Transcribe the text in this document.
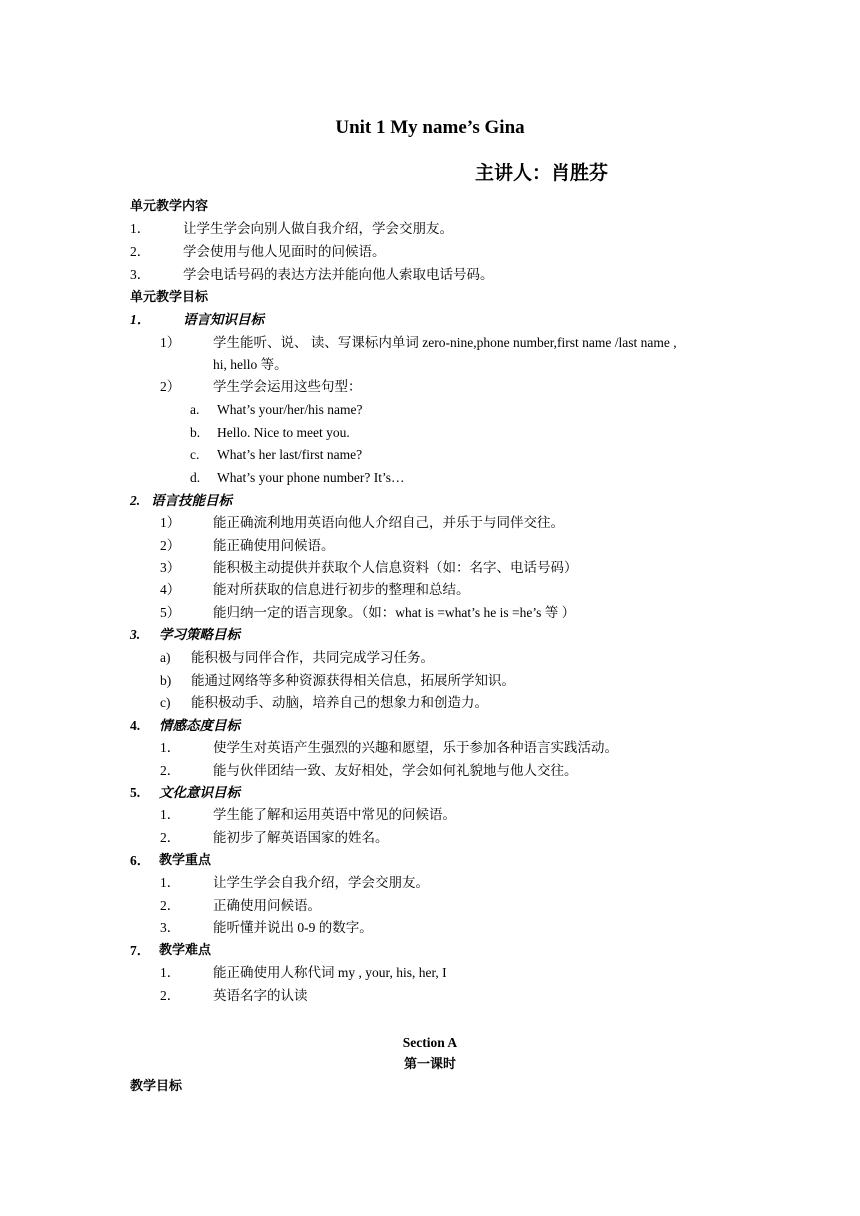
Unit 1 My name’s Gina
主讲人：肖胜芬
单元教学内容
1． 让学生学会向别人做自我介绍，学会交朋友。
2． 学会使用与他人见面时的问候语。
3． 学会电话号码的表达方法并能向他人索取电话号码。
单元教学目标
1． 语言知识目标
1） 学生能听、说、 读、写课标内单词 zero-nine,phone number,first name /last name ,
hi, hello 等。
2） 学生学会运用这些句型：
a. What’s your/her/his name?
b. Hello. Nice to meet you.
c. What’s her last/first name?
d. What’s your phone number? It’s…
2. 语言技能目标
1） 能正确流利地用英语向他人介绍自己，并乐于与同伴交往。
2） 能正确使用问候语。
3） 能积极主动提供并获取个人信息资料（如：名字、电话号码）
4） 能对所获取的信息进行初步的整理和总结。
5） 能归纳一定的语言现象。（如：what is =what’s he is =he’s 等 ）
3. 学习策略目标
a) 能积极与同伴合作，共同完成学习任务。
b) 能通过网络等多种资源获得相关信息，拓展所学知识。
c) 能积极动手、动脑，培养自己的想象力和创造力。
4. 情感态度目标
1． 使学生对英语产生强烈的兴趣和愿望，乐于参加各种语言实践活动。
2． 能与伙伴团结一致、友好相处，学会如何礼貌地与他人交往。
5. 文化意识目标
1． 学生能了解和运用英语中常见的问候语。
2． 能初步了解英语国家的姓名。
6． 教学重点
1． 让学生学会自我介绍，学会交朋友。
2． 正确使用问候语。
3． 能听懂并说出 0-9 的数字。
7． 教学难点
1． 能正确使用人称代词 my , your, his, her, I
2． 英语名字的认读
Section A
第一课时
教学目标
